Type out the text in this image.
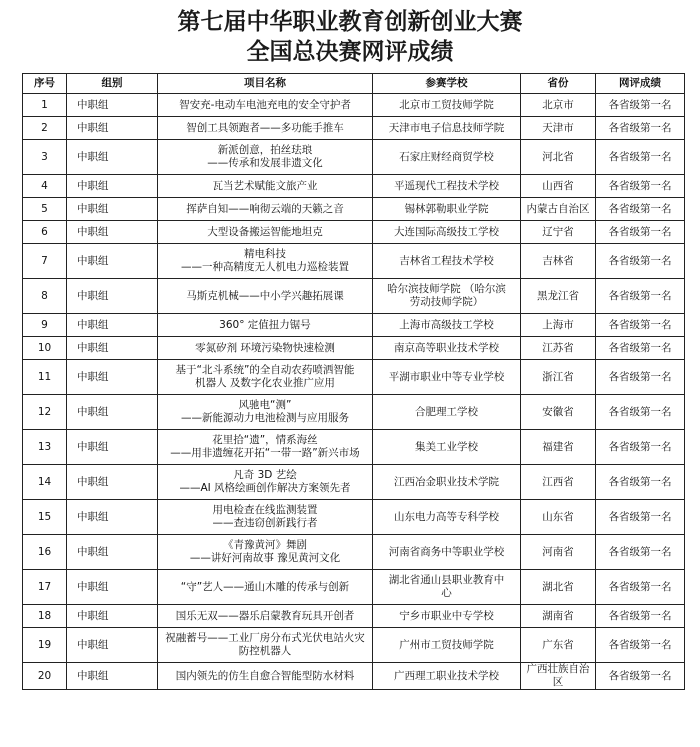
第七届中华职业教育创新创业大赛
全国总决赛网评成绩
序号	组别	项目名称	参赛学校	省份	网评成绩
1	中职组	智安充-电动车电池充电的安全守护者	北京市工贸技师学院	北京市	各省级第一名
2	中职组	智创工具领跑者——多功能手推车	天津市电子信息技师学院	天津市	各省级第一名
3	中职组	新派创意，拍丝珐琅
——传承和发展非遗文化	石家庄财经商贸学校	河北省	各省级第一名
4	中职组	瓦当艺术赋能文旅产业	平遥现代工程技术学校	山西省	各省级第一名
5	中职组	挥萨自知——响彻云端的天籁之音	锡林郭勒职业学院	内蒙古自治区	各省级第一名
6	中职组	大型设备搬运智能地坦克	大连国际高级技工学校	辽宁省	各省级第一名
7	中职组	精电科技
——一种高精度无人机电力巡检装置	吉林省工程技术学校	吉林省	各省级第一名
8	中职组	马斯克机械——中小学兴趣拓展课	哈尔滨技师学院 （哈尔滨
劳动技师学院）	黑龙江省	各省级第一名
9	中职组	360° 定值扭力锯号	上海市高级技工学校	上海市	各省级第一名
10	中职组	零氮矽剂 环境污染物快速检测	南京高等职业技术学校	江苏省	各省级第一名
11	中职组	基于“北斗系统”的全自动农药喷洒智能
机器人 及数字化农业推广应用	平湖市职业中等专业学校	浙江省	各省级第一名
12	中职组	风驰电“测”
——新能源动力电池检测与应用服务	合肥理工学校	安徽省	各省级第一名
13	中职组	花里拾“遗”，情系海丝
——用非遗缠花开拓“一带一路”新兴市场	集美工业学校	福建省	各省级第一名
14	中职组	凡奇 3D 艺绘
——AI 风格绘画创作解决方案领先者	江西冶金职业技术学院	江西省	各省级第一名
15	中职组	用电检查在线监测装置
——查违窃创新践行者	山东电力高等专科学校	山东省	各省级第一名
16	中职组	《青豫黄河》舞剧
——讲好河南故事 豫见黄河文化	河南省商务中等职业学校	河南省	各省级第一名
17	中职组	“守”艺人——通山木雕的传承与创新	湖北省通山县职业教育中
心	湖北省	各省级第一名
18	中职组	国乐无双——器乐启蒙教育玩具开创者	宁乡市职业中专学校	湖南省	各省级第一名
19	中职组	祝融蓄号——工业厂房分布式光伏电站火灾
防控机器人	广州市工贸技师学院	广东省	各省级第一名
20	中职组	国内领先的仿生自愈合智能型防水材料	广西理工职业技术学校	广西壮族自治区	各省级第一名
